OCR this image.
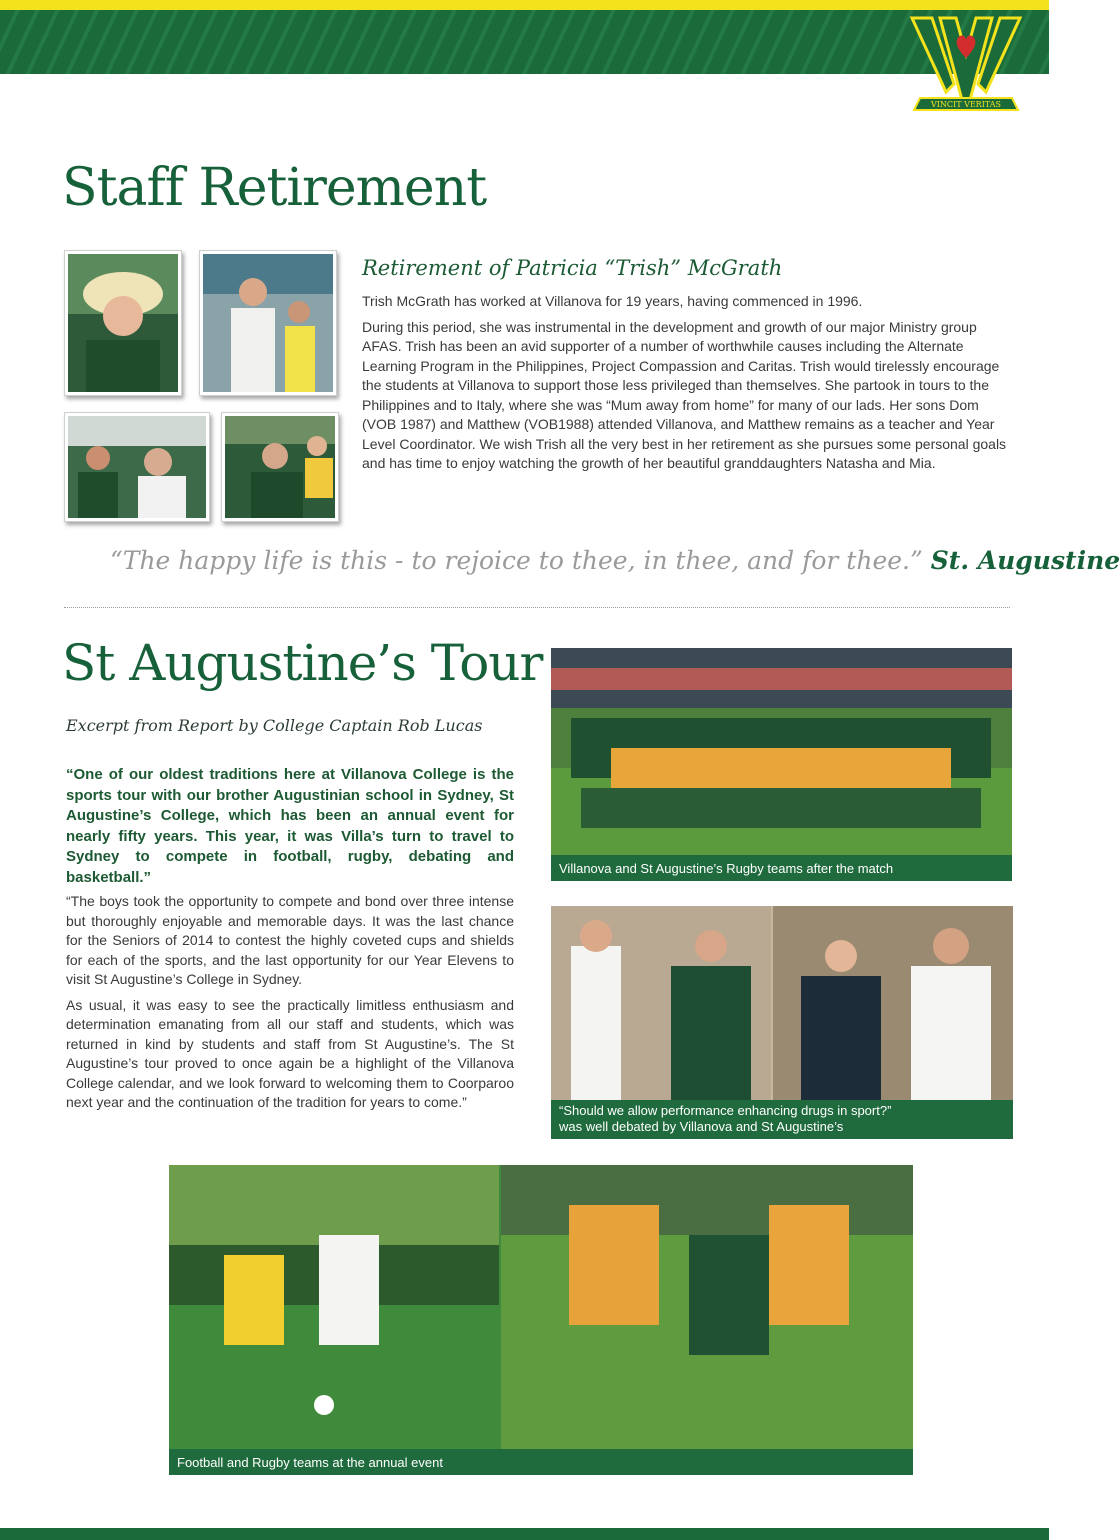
VINCIT VERITAS
Staff Retirement
Retirement of Patricia “Trish” McGrath

Trish McGrath has worked at Villanova for 19 years, having commenced in 1996.

During this period, she was instrumental in the development and growth of our major Ministry group AFAS. Trish has been an avid supporter of a number of worthwhile causes including the Alternate Learning Program in the Philippines, Project Compassion and Caritas. Trish would tirelessly encourage the students at Villanova to support those less privileged than themselves. She partook in tours to the Philippines and to Italy, where she was “Mum away from home” for many of our lads. Her sons Dom (VOB 1987) and Matthew (VOB1988) attended Villanova, and Matthew remains as a teacher and Year Level Coordinator. We wish Trish all the very best in her retirement as she pursues some personal goals and has time to enjoy watching the growth of her beautiful granddaughters Natasha and Mia.

“The happy life is this - to rejoice to thee, in thee, and for thee.” St. Augustine
St Augustine’s Tour
Excerpt from Report by College Captain Rob Lucas

“One of our oldest traditions here at Villanova College is the sports tour with our brother Augustinian school in Sydney, St Augustine’s College, which has been an annual event for nearly fifty years. This year, it was Villa’s turn to travel to Sydney to compete in football, rugby, debating and basketball.”

“The boys took the opportunity to compete and bond over three intense but thoroughly enjoyable and memorable days. It was the last chance for the Seniors of 2014 to contest the highly coveted cups and shields for each of the sports, and the last opportunity for our Year Elevens to visit St Augustine’s College in Sydney.

As usual, it was easy to see the practically limitless enthusiasm and determination emanating from all our staff and students, which was returned in kind by students and staff from St Augustine’s. The St Augustine’s tour proved to once again be a highlight of the Villanova College calendar, and we look forward to welcoming them to Coorparoo next year and the continuation of the tradition for years to come.”

Villanova and St Augustine’s Rugby teams after the match
“Should we allow performance enhancing drugs in sport?”
was well debated by Villanova and St Augustine’s
Football and Rugby teams at the annual event
